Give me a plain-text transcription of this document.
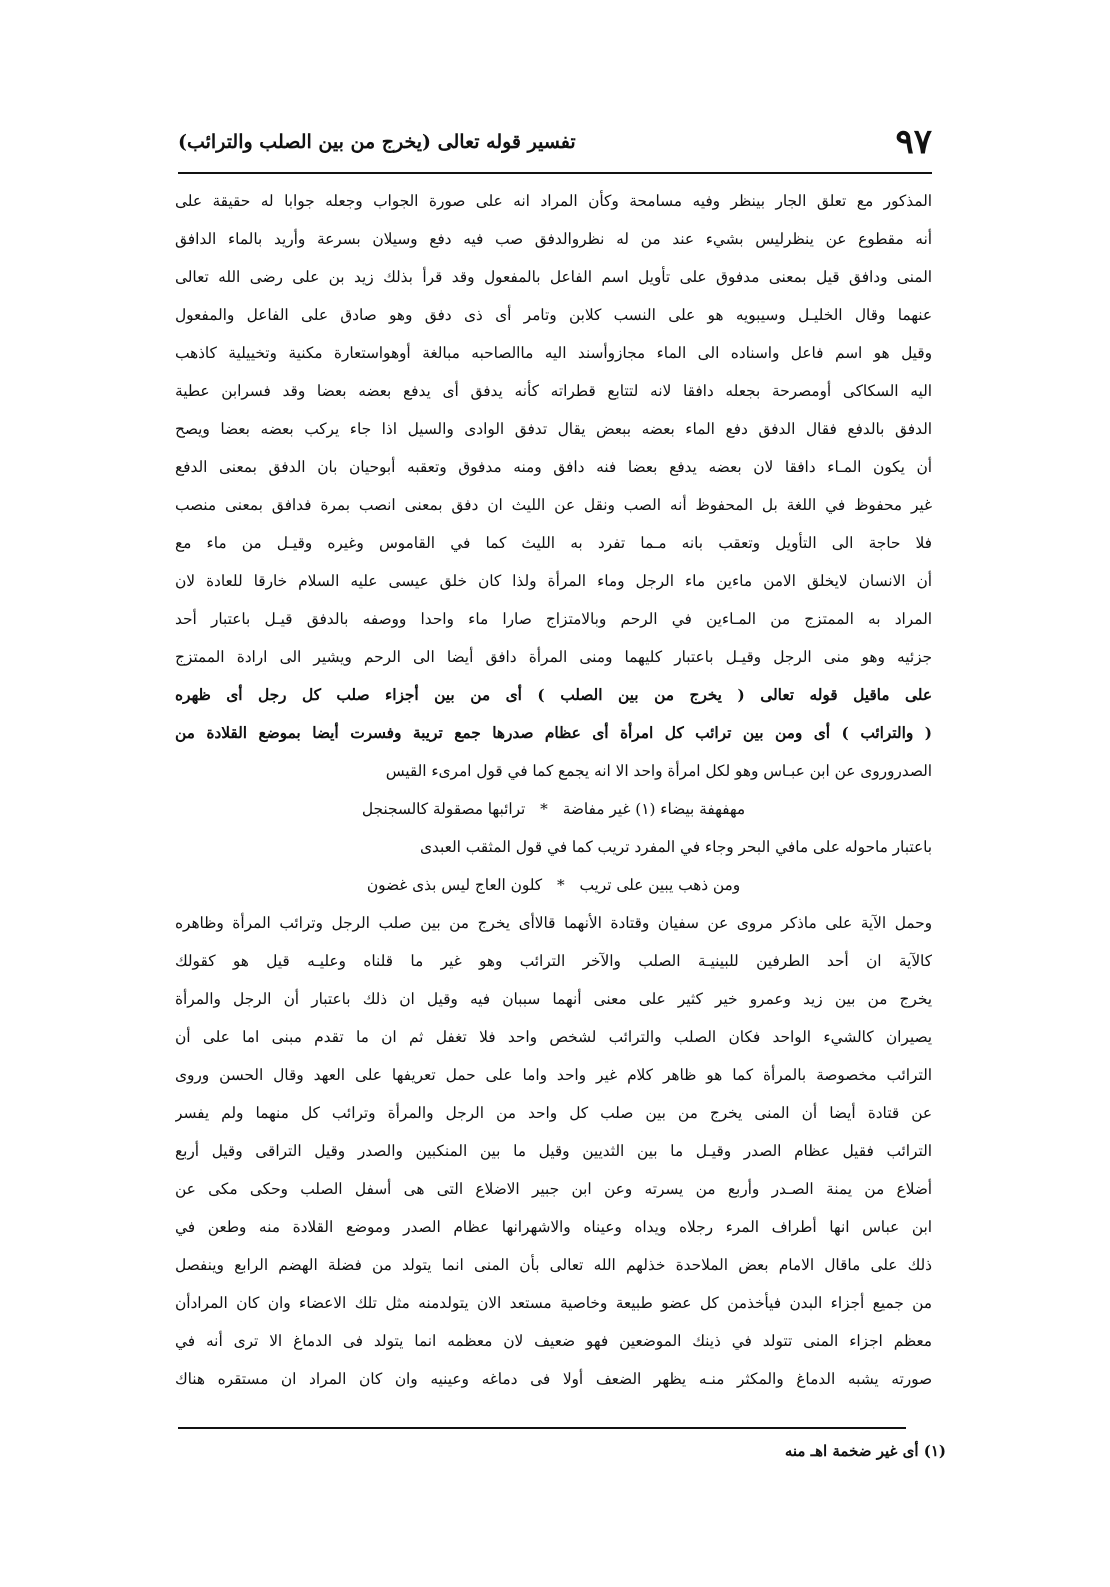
٩٧
تفسير قوله تعالى (يخرج من بين الصلب والترائب)
المذكور مع تعلق الجار بينظر وفيه مسامحة وكأن المراد انه على صورة الجواب وجعله جوابا له حقيقة على
أنه مقطوع عن ينظرليس بشيء عند من له نظروالدفق صب فيه دفع وسيلان بسرعة وأريد بالماء الدافق
المنى ودافق قيل بمعنى مدفوق على تأويل اسم الفاعل بالمفعول وقد قرأ بذلك زيد بن على رضى الله تعالى
عنهما وقال الخليـل وسيبويه هو على النسب كلابن وتامر أى ذى دفق وهو صادق على الفاعل والمفعول
وقيل هو اسم فاعل واسناده الى الماء مجازوأسند اليه ماالصاحبه مبالغة أوهواستعارة مكنية وتخييلية كاذهب
اليه السكاكى أومصرحة بجعله دافقا لانه لتتابع قطراته كأنه يدفق أى يدفع بعضه بعضا وقد فسرابن عطية
الدفق بالدفع فقال الدفق دفع الماء بعضه ببعض يقال تدفق الوادى والسيل اذا جاء يركب بعضه بعضا ويصح
أن يكون المـاء دافقا لان بعضه يدفع بعضا فنه دافق ومنه مدفوق وتعقبه أبوحيان بان الدفق بمعنى الدفع
غير محفوظ في اللغة بل المحفوظ أنه الصب ونقل عن الليث ان دفق بمعنى انصب بمرة فدافق بمعنى منصب
فلا حاجة الى التأويل وتعقب بانه مـما تفرد به الليث كما في القاموس وغيره وقيـل من ماء مع
أن الانسان لايخلق الامن ماءين ماء الرجل وماء المرأة ولذا كان خلق عيسى عليه السلام خارقا للعادة لان
المراد به الممتزج من المـاءين في الرحم وبالامتزاج صارا ماء واحدا ووصفه بالدفق قيـل باعتبار أحد
جزئيه وهو منى الرجل وقيـل باعتبار كليهما ومنى المرأة دافق أيضا الى الرحم ويشير الى ارادة الممتزج
على ماقيل قوله تعالى ( يخرج من بين الصلب ) أى من بين أجزاء صلب كل رجل أى ظهره
( والترائب ) أى ومن بين ترائب كل امرأة أى عظام صدرها جمع تريبة وفسرت أيضا بموضع القلادة من
الصدروروى عن ابن عبـاس وهو لكل امرأة واحد الا انه يجمع كما في قول امرىء القيس
مهفهفة بيضاء (١) غير مفاضة * ترائبها مصقولة كالسجنجل
باعتبار ماحوله على مافي البحر وجاء في المفرد تريب كما في قول المثقب العبدى
ومن ذهب يبين على تريب * كلون العاج ليس بذى غضون
وحمل الآية على ماذكر مروى عن سفيان وقتادة الأنهما قالاأى يخرج من بين صلب الرجل وترائب المرأة وظاهره
كالآية ان أحد الطرفين للبينيـة الصلب والآخر الترائب وهو غير ما قلناه وعليـه قيل هو كقولك
يخرج من بين زيد وعمرو خير كثير على معنى أنهما سببان فيه وقيل ان ذلك باعتبار أن الرجل والمرأة
يصيران كالشيء الواحد فكان الصلب والترائب لشخص واحد فلا تغفل ثم ان ما تقدم مبنى اما على أن
الترائب مخصوصة بالمرأة كما هو ظاهر كلام غير واحد واما على حمل تعريفها على العهد وقال الحسن وروى
عن قتادة أيضا أن المنى يخرج من بين صلب كل واحد من الرجل والمرأة وترائب كل منهما ولم يفسر
الترائب فقيل عظام الصدر وقيـل ما بين الثديين وقيل ما بين المنكبين والصدر وقيل التراقى وقيل أربع
أضلاع من يمنة الصـدر وأربع من يسرته وعن ابن جبير الاضلاع التى هى أسفل الصلب وحكى مكى عن
ابن عباس انها أطراف المرء رجلاه ويداه وعيناه والاشهرانها عظام الصدر وموضع القلادة منه وطعن في
ذلك على ماقال الامام بعض الملاحدة خذلهم الله تعالى بأن المنى انما يتولد من فضلة الهضم الرابع وينفصل
من جميع أجزاء البدن فيأخذمن كل عضو طبيعة وخاصية مستعد الان يتولدمنه مثل تلك الاعضاء وان كان المرادأن
معظم اجزاء المنى تتولد في ذينك الموضعين فهو ضعيف لان معظمه انما يتولد فى الدماغ الا ترى أنه في
صورته يشبه الدماغ والمكثر منـه يظهر الضعف أولا فى دماغه وعينيه وان كان المراد ان مستقره هناك
(١) أى غير ضخمة اهـ منه
